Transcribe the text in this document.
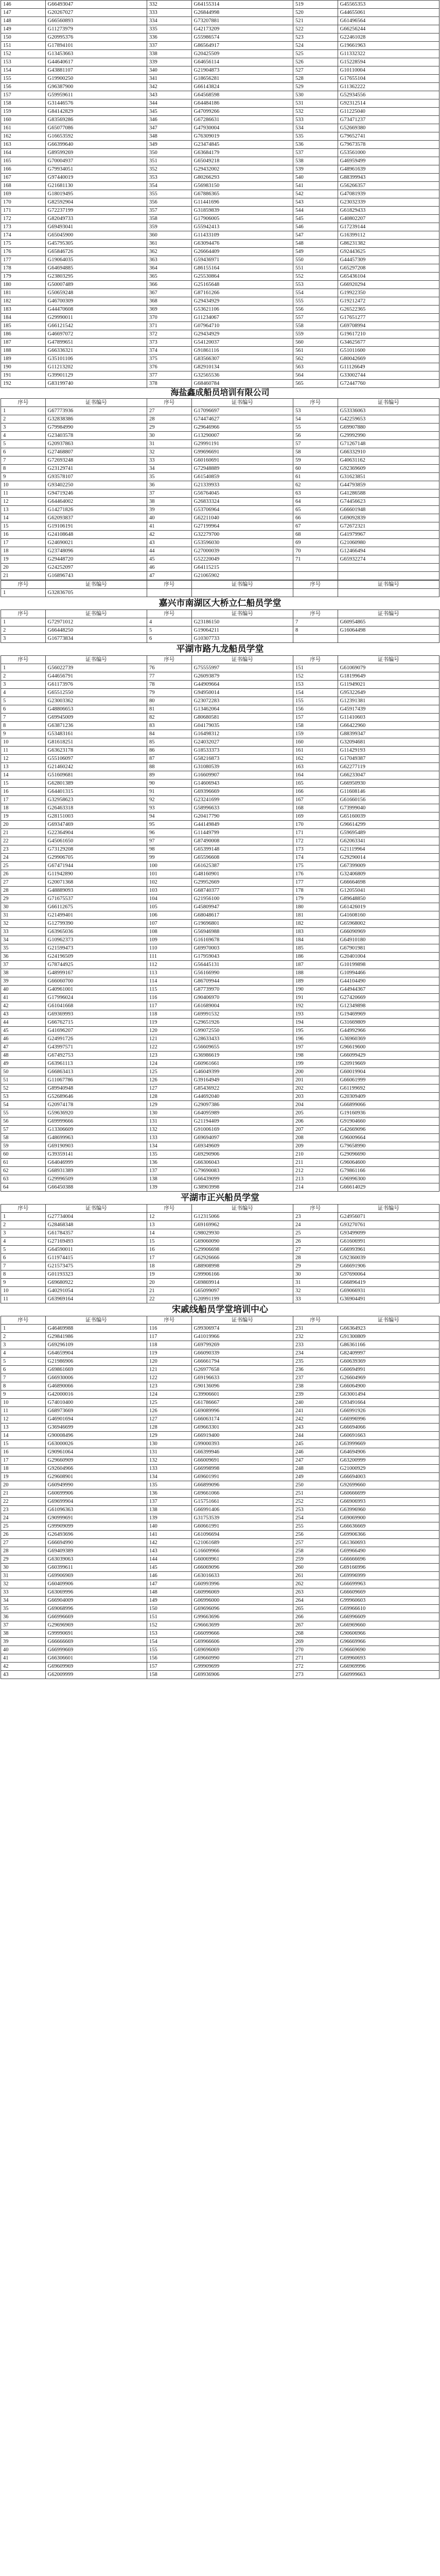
146	G66493047	332	G64155314	519	G45565353
147	G20267027	333	G26844998	520	G44655061
148	G66560893	334	G73207881	521	G61496564
149	G11273979	335	G42173209	522	G66256244
150	G20995376	336	G55986574	523	G22461028
151	G17894101	337	G86564917	524	G19661963
152	G13453663	338	G20425509	525	G11332322
153	G44640617	339	G64656114	526	G15228594
154	G43881107	340	G21904873	527	G10110004
155	G19900250	341	G18656281	528	G17655104
156	G96387900	342	G66143824	529	G11362222
157	G59959611	343	G64568598	530	G52934556
158	G31446576	344	G64484186	531	G92312514
159	G84142829	345	G47099266	532	G11225040
160	G83569286	346	G67286631	533	G73471237
161	G65077086	347	G47930004	534	G52669380
162	G16653592	348	G76309019	535	G79652741
163	G66399640	349	G23474845	536	G79673578
164	G89599269	350	G63684179	537	G53561000
165	G70004937	351	G65049218	538	G46959499
166	G79934051	352	G29432002	539	G48961639
167	G97440019	353	G80266293	540	G88399943
168	G21681130	354	G56983150	541	G56266357
169	G18019495	355	G67886365	542	G47081939
170	G82592904	356	G11441696	543	G23032339
171	G72237199	357	G31859839	544	G61829433
172	G82049733	358	G17906005	545	G40802207
173	G69493041	359	G55942413	546	G17239144
174	G65045900	360	G11433109	547	G16399112
175	G45795305	361	G63094476	548	G86231382
176	G65846726	362	G26664409	549	G92443625
177	G19064035	363	G59436971	550	G44457309
178	G64694885	364	G86155164	551	G65297208
179	G23803295	365	G25530864	552	G65436104
180	G50007489	366	G25165648	553	G66920294
181	G50659248	367	G87161266	554	G19922350
182	G46700309	368	G29434929	555	G19212472
183	G44470608	369	G53621106	556	G26522365
184	G29990011	370	G11234067	557	G17651277
185	G66121542	371	G07964710	558	G69708994
186	G46697072	372	G29434929	559	G19617210
187	G47899651	373	G54120037	560	G34625677
188	G66336321	374	G91861116	561	G51011600
189	G35101106	375	G83566307	562	G80042669
190	G11213202	376	G82910134	563	G11126649
191	G39901129	377	G32565536	564	G33002744
192	G83199740	378	G68460784	565	G72447760
海盐鑫成船员培训有限公司
序号	证书编号	序号	证书编号	序号	证书编号
1	G67773936	27	G17096697	53	G53336063
2	G32838386	28	G74474627	54	G42259653
3	G79984990	29	G29646966	55	G69907880
4	G23403578	30	G13290007	56	G29992990
5	G20937863	31	G29991191	57	G71267148
6	G27468807	32	G99696691	58	G66332910
7	G72693248	33	G60160691	59	G40631162
8	G23129741	34	G72948889	60	G92369609
9	G93578107	35	G61540859	61	G31623851
10	G93402250	36	G21339933	62	G44793859
11	G94719246	37	G56764045	63	G41286588
12	G64464002	38	G26833324	64	G74456623
13	G14271826	39	G53706964	65	G66601948
14	G62093837	40	G62211040	66	G69092839
15	G19106191	41	G27199964	67	G72672321
16	G24108648	42	G32279700	68	G41979967
17	G24690021	43	G53596030	69	G21060980
18	G23748096	44	G27000039	70	G12466494
19	G29448720	45	G52220049	71	G65932274
20	G24252097	46	G64115215		
21	G16896743	47	G21065902		
序号	证书编号	序号	证书编号	序号	证书编号
1	G32836705				
嘉兴市南湖区大桥立仁船员学堂
序号	证书编号	序号	证书编号	序号	证书编号
1	G72971012	4	G23186150	7	G60954865
2	G66448250	5	G19064211	8	G16064498
3	G16773834	6	G10307733		
平湖市路九龙船员学堂
序号	证书编号	序号	证书编号	序号	证书编号
1	G56022739	76	G75555997	151	G61069079
2	G44656791	77	G26093879	152	G18199649
3	G61173976	78	G44909664	153	G11949021
4	G65512550	79	G94950014	154	G95322649
5	G23003362	80	G23072283	155	G12391381
6	G48806653	81	G13462064	156	G45917439
7	G69945009	82	G80680581	157	G11410603
8	G63871236	83	G04179035	158	G66422960
9	G53483161	84	G16498312	159	G88399347
10	G81618251	85	G24032027	160	G32094681
11	G63623178	86	G18533373	161	G11429193
12	G55106097	87	G58216873	162	G17049387
13	G21460242	88	G31080539	163	G62277119
14	G51609681	89	G16609907	164	G66233047
15	G62801389	90	G14606943	165	G66950930
16	G64401315	91	G69396669	166	G11608146
17	G32958623	92	G23241699	167	G61660156
18	G26463318	93	G58996633	168	G73999040
19	G28151003	94	G20417790	169	G65160039
20	G69347469	95	G44149849	170	G96614299
21	G22364904	96	G11449799	171	G59695489
22	G45061650	97	G87490008	172	G62063341
23	G73129208	98	G65399148	173	G21119964
24	G29906705	99	G65596608	174	G29290014
25	G67471944	100	G61625387	175	G67399009
26	G11942890	101	G48160901	176	G32406809
27	G20071368	102	G29952669	177	G66664698
28	G48889093	103	G68740377	178	G12055041
29	G71675537	104	G21956100	179	G89648850
30	G66112675	105	G45809947	180	G61426019
31	G21499401	106	G68048617	181	G41608160
32	G12799390	107	G19696801	182	G65968002
33	G63965036	108	G56946988	183	G66090969
34	G10962373	109	G16169678	184	G64910180
35	G21599473	110	G69970003	185	G67901981
36	G24196509	111	G17959043	186	G20401004
37	G78744925	112	G56445131	187	G10199898
38	G48999167	113	G56166990	188	G10994466
39	G66060700	114	G86709944	189	G44104490
40	G40961001	115	G87739970	190	G44944367
41	G17996024	116	G90406970	191	G27420669
42	G61041668	117	G61689004	192	G12349898
43	G69369993	118	G69991532	193	G19469969
44	G66762715	119	G29651926	194	G31669809
45	G41696207	120	G99072550	195	G44992966
46	G24991726	121	G28633433	196	G36960369
47	G43997571	122	G56609655	197	G96619600
48	G67492753	123	G36986619	198	G66099429
49	G63961113	124	G60961661	199	G20919669
50	G66863413	125	G46049399	200	G60019904
51	G11067786	126	G39164949	201	G66061999
52	G89940948	127	G85436922	202	G61199692
53	G52689646	128	G44692040	203	G20309409
54	G20974178	129	G29097386	204	G66899066
55	G59636920	130	G64095989	205	G19160936
56	G69999666	131	G21194409	206	G91904660
57	G13306609	132	G91006169	207	G42669096
58	G48699963	133	G69694097	208	G96009664
59	G69190903	134	G69349609	209	G79658990
60	G39359141	135	G69290906	210	G29096690
61	G64046999	136	G66306043	211	G96064600
62	G68931389	137	G79690083	212	G79861166
63	G29996509	138	G66439099	213	G96996300
64	G66450388	139	G38903998	214	G66614029
平湖市正兴船员学堂
序号	证书编号	序号	证书编号	序号	证书编号
1	G27734004	12	G12315066	23	G24956071
2	G28468348	13	G69169962	24	G93270761
3	G61784357	14	G98029930	25	G93499099
4	G27169493	15	G69060090	26	G61606991
5	G64590011	16	G29906698	27	G66993961
6	G11974415	17	G62926666	28	G92360039
7	G21573475	18	G88908998	29	G66691906
8	G01193323	19	G99906166	30	G97690064
9	G69680922	20	G69869914	31	G66896419
10	G40291054	21	G65099097	32	G69066931
11	G63969164	22	G20991199	33	G36904491
宋戚线船员学堂培训中心
序号	证书编号	序号	证书编号	序号	证书编号
1	G46469988	116	G99306974	231	G66364923
2	G29841986	117	G41019966	232	G91300809
3	G69296109	118	G69799269	233	G86361166
4	G64659904	119	G66090339	234	G82409997
5	G21986906	120	G66661794	235	G60639369
6	G69861669	121	G26977658	236	G60694991
7	G66930006	122	G69196633	237	G26604969
8	G46890066	123	G90136096	238	G66064900
9	G42000016	124	G39906601	239	G63001494
10	G74010400	125	G61786667	240	G93491664
11	G68973669	126	G69089996	241	G66991926
12	G46901694	127	G66063174	242	G66996996
13	G36946699	128	G69663301	243	G66694066
14	G90008496	129	G66919400	244	G60691663
15	G63000026	130	G99000393	245	G63999669
16	G90961064	131	G66399946	246	G64694906
17	G29660909	132	G66009691	247	G63200999
18	G92604966	133	G66998998	248	G21000929
19	G29608901	134	G69601991	249	G66694003
20	G60949990	135	G66899096	250	G92699660
21	G60699906	136	G69661066	251	G60666699
22	G69699904	137	G15751661	252	G66906993
23	G61096363	138	G66991406	253	G63996960
24	G90999691	139	G31753539	254	G69069900
25	G99909099	140	G60661991	255	G66636669
26	G26493696	141	G61096694	256	G69906366
27	G66694990	142	G21061689	257	G61360693
28	G69409389	143	G16609966	258	G69966490
29	G63039063	144	G60069961	259	G66666696
30	G60399611	145	G66069096	260	G69166996
31	G69906969	146	G63016633	261	G69996999
32	G60409906	147	G60993996	262	G66699963
33	G63069996	148	G60996069	263	G66609669
34	G66904009	149	G06996000	264	G99960603
35	G69068996	150	G69696096	265	G69966610
36	G66996669	151	G99663696	266	G66996609
37	G29696969	152	G96663699	267	G66969660
38	G99990691	153	G66099666	268	G90606966
39	G66666669	154	G69966606	269	G96669966
40	G66999669	155	G69696069	270	G96669690
41	G66306601	156	G69660990	271	G69960693
42	G69609969	157	G99909699	272	G66969996
43	G62009999	158	G69936906	273	G60999663
